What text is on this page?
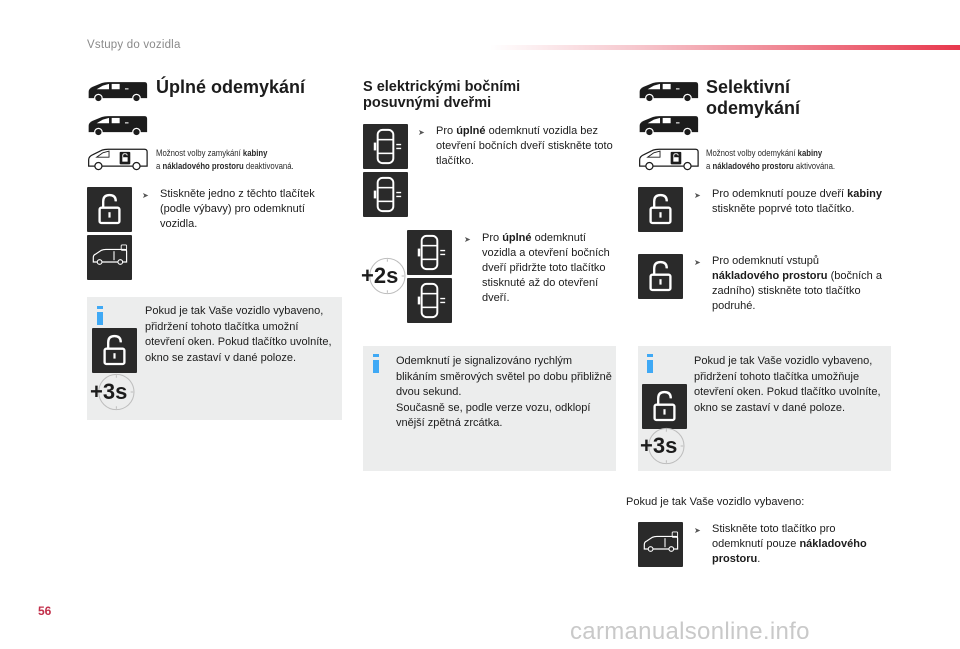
Vstupy do vozidla
Úplné odemykání
Možnost volby zamykání kabiny
a nákladového prostoru deaktivovaná.
➤	Stiskněte jedno z těchto tlačítek (podle výbavy) pro odemknutí vozidla.
+3s
Pokud je tak Vaše vozidlo vybaveno, přidržení tohoto tlačítka umožní otevření oken. Pokud tlačítko uvolníte, okno se zastaví v dané poloze.
S elektrickými bočními
posuvnými dveřmi
➤	Pro úplné odemknutí vozidla bez otevření bočních dveří stiskněte toto tlačítko.
+2s
➤	Pro úplné odemknutí vozidla a otevření bočních dveří přidržte toto tlačítko stisknuté až do otevření dveří.
Odemknutí je signalizováno rychlým blikáním směrových světel po dobu přibližně dvou sekund.
Současně se, podle verze vozu, odklopí vnější zpětná zrcátka.
Selektivní
odemykání
Možnost volby odemykání kabiny
a nákladového prostoru aktivována.
➤	Pro odemknutí pouze dveří kabiny stiskněte poprvé toto tlačítko.
➤	Pro odemknutí vstupů nákladového prostoru (bočních a zadního) stiskněte toto tlačítko podruhé.
+3s
Pokud je tak Vaše vozidlo vybaveno, přidržení tohoto tlačítka umožňuje otevření oken. Pokud tlačítko uvolníte, okno se zastaví v dané poloze.
Pokud je tak Vaše vozidlo vybaveno:
➤	Stiskněte toto tlačítko pro odemknutí pouze nákladového prostoru.
56
carmanualsonline.info
